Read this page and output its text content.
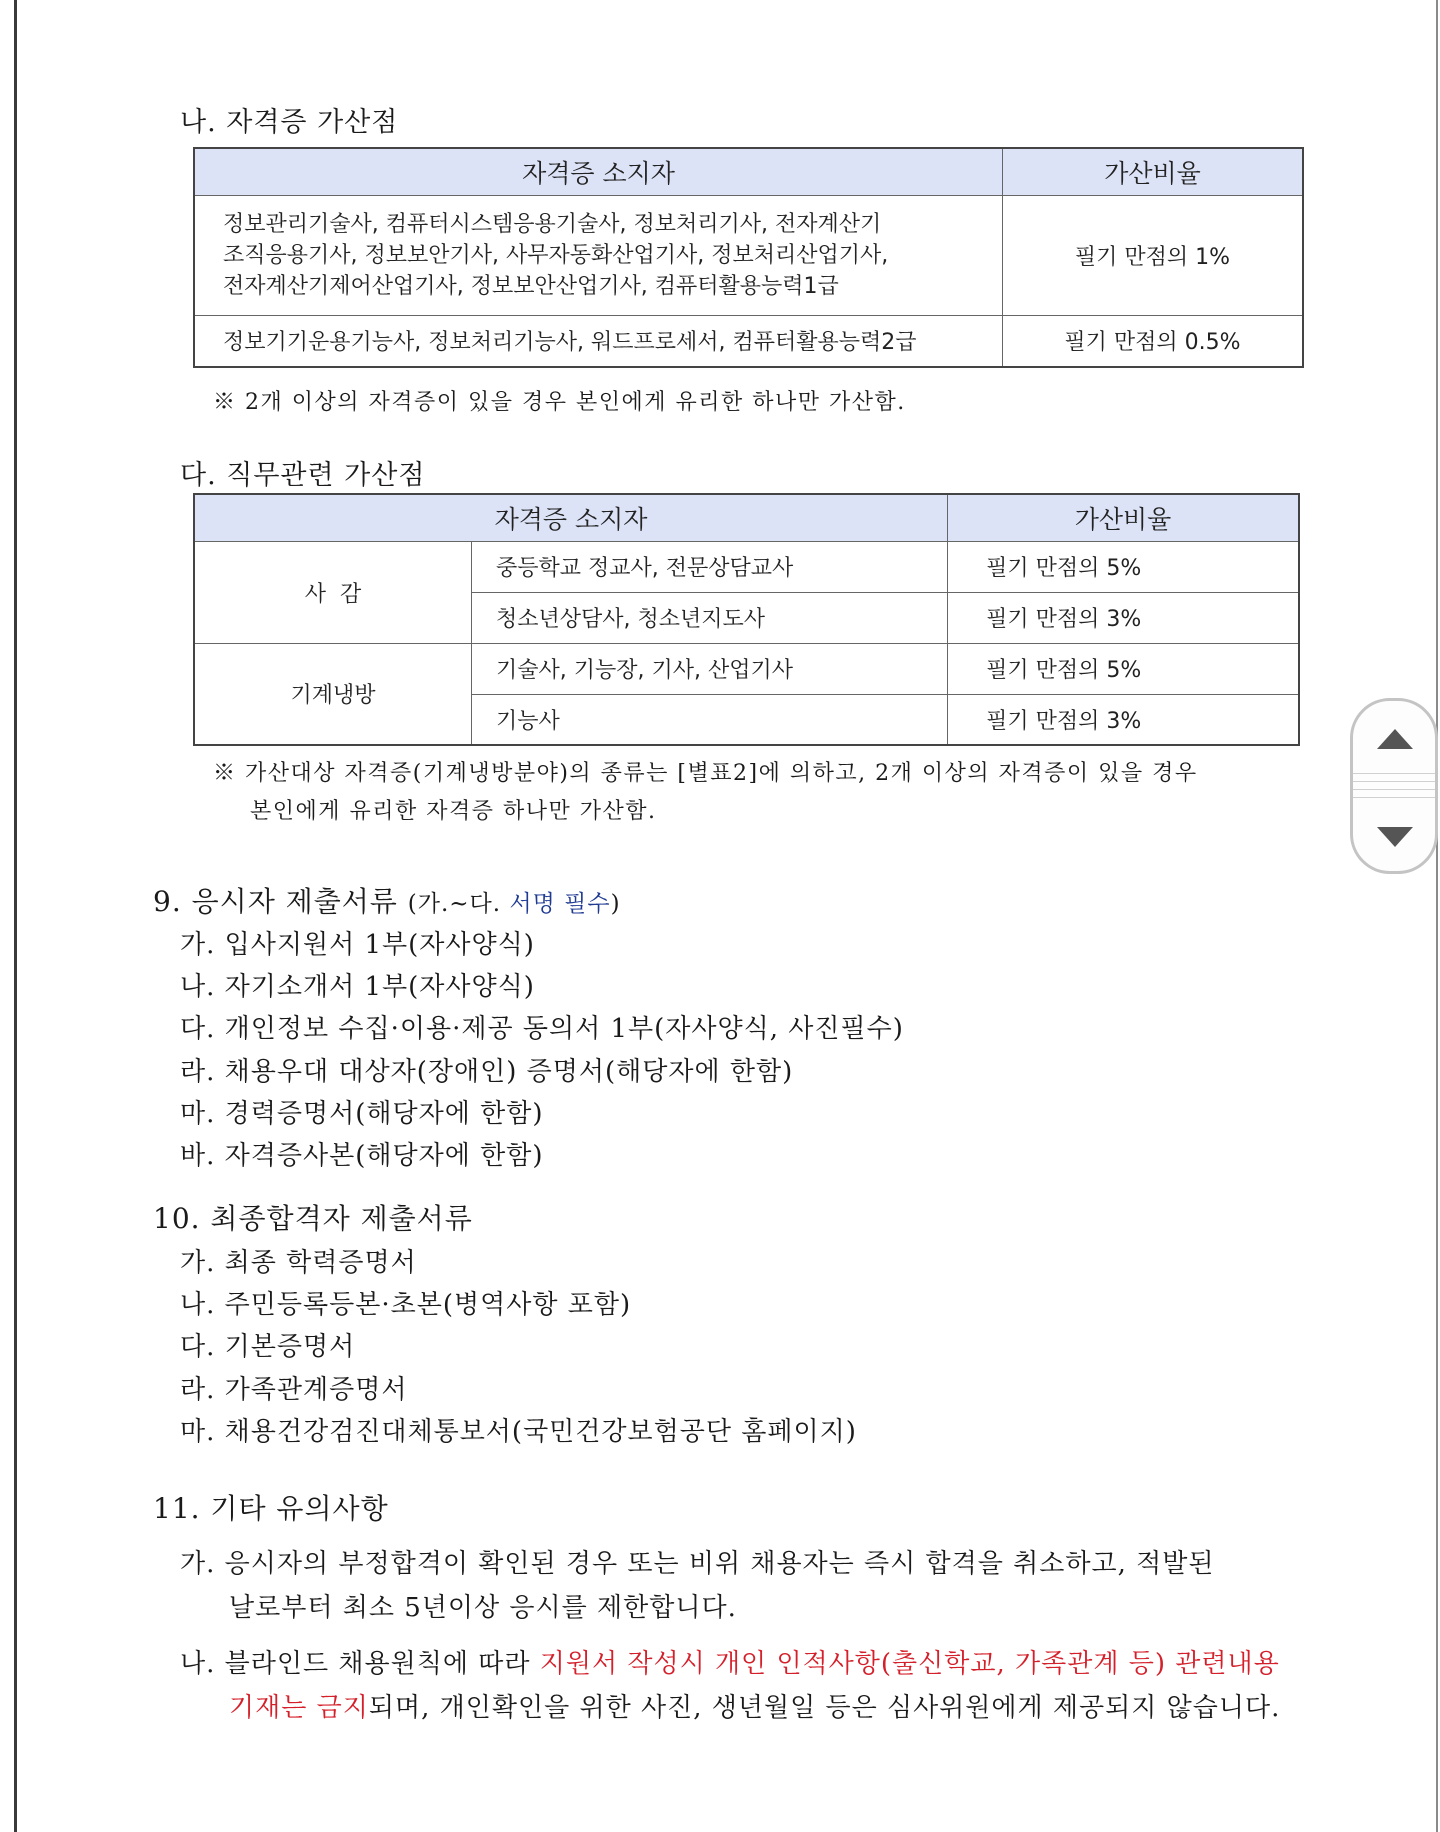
나. 자격증 가산점
자격증 소지자	가산비율

정보관리기술사, 컴퓨터시스템응용기술사, 정보처리기사, 전자계산기
조직응용기사, 정보보안기사, 사무자동화산업기사, 정보처리산업기사,
전자계산기제어산업기사, 정보보안산업기사, 컴퓨터활용능력1급	필기 만점의 1%
정보기기운용기능사, 정보처리기능사, 워드프로세서, 컴퓨터활용능력2급	필기 만점의 0.5%
※ 2개 이상의 자격증이 있을 경우 본인에게 유리한 하나만 가산함.
다. 직무관련 가산점
자격증 소지자		가산비율
사  감	중등학교 정교사, 전문상담교사	필기 만점의 5%
	청소년상담사, 청소년지도사	필기 만점의 3%
기계냉방	기술사, 기능장, 기사, 산업기사	필기 만점의 5%
	기능사	필기 만점의 3%
※ 가산대상 자격증(기계냉방분야)의 종류는 [별표2]에 의하고, 2개 이상의 자격증이 있을 경우
본인에게 유리한 자격증 하나만 가산함.
9. 응시자 제출서류 (가.~다. 서명 필수)
가. 입사지원서 1부(자사양식)
나. 자기소개서 1부(자사양식)
다. 개인정보 수집·이용·제공 동의서 1부(자사양식, 사진필수)
라. 채용우대 대상자(장애인) 증명서(해당자에 한함)
마. 경력증명서(해당자에 한함)
바. 자격증사본(해당자에 한함)
10. 최종합격자 제출서류
가. 최종 학력증명서
나. 주민등록등본·초본(병역사항 포함)
다. 기본증명서
라. 가족관계증명서
마. 채용건강검진대체통보서(국민건강보험공단 홈페이지)
11. 기타 유의사항
가. 응시자의 부정합격이 확인된 경우 또는 비위 채용자는 즉시 합격을 취소하고, 적발된
날로부터 최소 5년이상 응시를 제한합니다.
나. 블라인드 채용원칙에 따라 지원서 작성시 개인 인적사항(출신학교, 가족관계 등) 관련내용
기재는 금지되며, 개인확인을 위한 사진, 생년월일 등은 심사위원에게 제공되지 않습니다.
